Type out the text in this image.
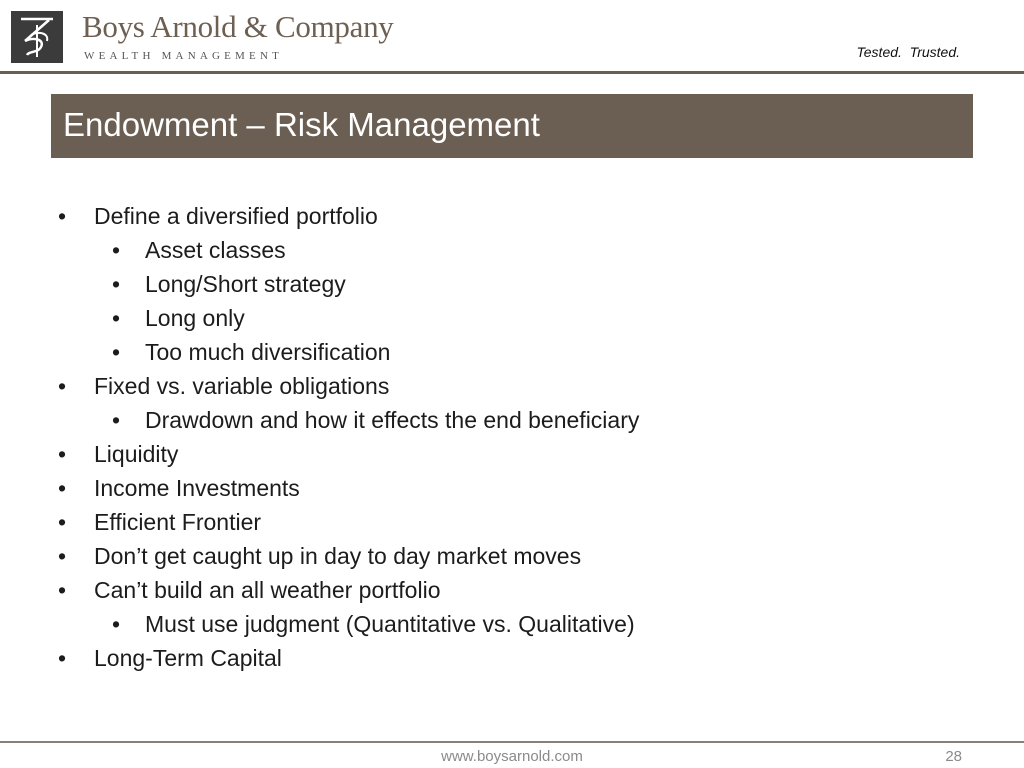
Boys Arnold & Company
WEALTH MANAGEMENT	Tested.  Trusted.
Endowment – Risk Management
•	Define a diversified portfolio
•	Asset classes
•	Long/Short strategy
•	Long only
•	Too much diversification
•	Fixed vs. variable obligations
•	Drawdown and how it effects the end beneficiary
•	Liquidity
•	Income Investments
•	Efficient Frontier
•	Don’t get caught up in day to day market moves
•	Can’t build an all weather portfolio
•	Must use judgment (Quantitative vs. Qualitative)
•	Long-Term Capital
www.boysarnold.com	28
